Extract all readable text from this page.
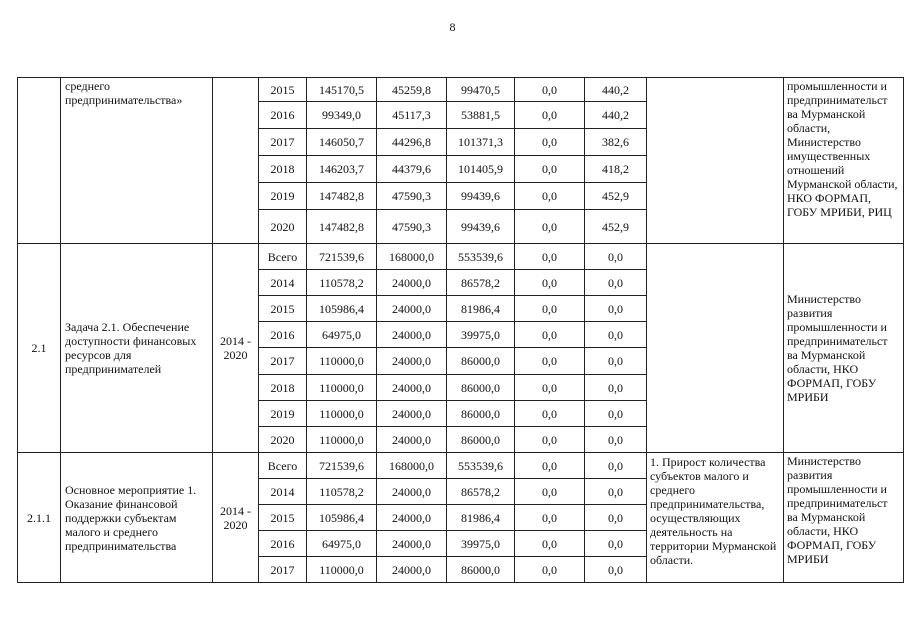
8
	среднего предпринимательства»		2015	145170,5	45259,8	99470,5	0,0	440,2		промышленности и предпринимательст ва Мурманской области, Министерство имущественных отношений Мурманской области, НКО ФОРМАП, ГОБУ МРИБИ, РИЦ
			2016	99349,0	45117,3	53881,5	0,0	440,2		
			2017	146050,7	44296,8	101371,3	0,0	382,6		
			2018	146203,7	44379,6	101405,9	0,0	418,2		
			2019	147482,8	47590,3	99439,6	0,0	452,9		
			2020	147482,8	47590,3	99439,6	0,0	452,9		
2.1	Задача 2.1. Обеспечение доступности финансовых ресурсов для предпринимателей	2014 - 2020	Всего	721539,6	168000,0	553539,6	0,0	0,0		Министерство развития промышленности и предпринимательст ва Мурманской области, НКО ФОРМАП, ГОБУ МРИБИ
			2014	110578,2	24000,0	86578,2	0,0	0,0		
			2015	105986,4	24000,0	81986,4	0,0	0,0		
			2016	64975,0	24000,0	39975,0	0,0	0,0		
			2017	110000,0	24000,0	86000,0	0,0	0,0		
			2018	110000,0	24000,0	86000,0	0,0	0,0		
			2019	110000,0	24000,0	86000,0	0,0	0,0		
			2020	110000,0	24000,0	86000,0	0,0	0,0		
2.1.1	Основное мероприятие 1. Оказание финансовой поддержки субъектам малого и среднего предпринимательства	2014 - 2020	Всего	721539,6	168000,0	553539,6	0,0	0,0	1. Прирост количества субъектов малого и среднего предпринимательства, осуществляющих деятельность на территории Мурманской области.	Министерство развития промышленности и предпринимательст ва Мурманской области, НКО ФОРМАП, ГОБУ МРИБИ
			2014	110578,2	24000,0	86578,2	0,0	0,0		
			2015	105986,4	24000,0	81986,4	0,0	0,0		
			2016	64975,0	24000,0	39975,0	0,0	0,0		
			2017	110000,0	24000,0	86000,0	0,0	0,0		
